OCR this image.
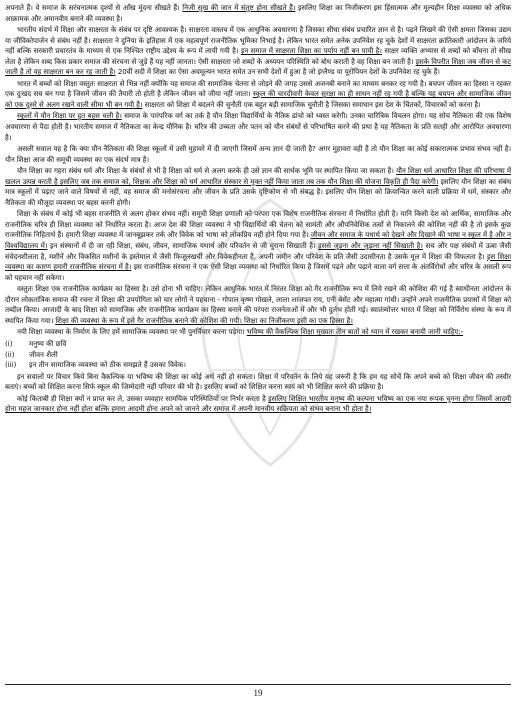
अपनाते हैं। वे समाज के सरंचनात्मक दृश्यों से आँख मूंदना सीखते हैं। निजी सुख की जान में संतुष्ट होना सीखते हैं। इसलिए शिक्षा का निजीकरण इस हिंसात्मक और मूल्यहीन शिक्षा व्यवस्था को अधिक आक्रामक और अमानवीय बनाने की व्यवस्था है।

भारतीय संदर्भ में शिक्षा और साक्षरता के संबंध पर दृष्टि आवश्यक है। साक्षरता वास्तव में एक आधुनिक अवधारणा है जिसका सीधा संबंध प्रचारित ज्ञान से है। पढ़ने लिखने की ऐसी क्षमता जिसका उद्यम या जीविकोपार्जन से संबंध नहीं है। साक्षरता ने दुनिया के इतिहास में एक महत्वपूर्ण राजनीतिक भूमिका निभाई है। लेकिन भारत समेत अनेक उपनिवेश रह चुके देशों में साक्षरता क्रांतिकारी आंदोलन के जरिये नहीं बल्कि सरकारी प्रचारतंत्र के माध्यम से एक निश्चित राष्ट्रीय उद्देश्य के रूप में लायी गयी है। इन समाज में साक्षरता शिक्षा का पर्याय नहीं बन पायी है। साक्षर व्यक्ति अभ्यास से शब्दों को बाँधना तो सीख लेता है लेकिन शब्द किस प्रकार समाज की संरचना से जुड़े हैं यह नहीं जानता। ऐसी साक्षरता जो शब्दों के अध्ययन परिस्थिति को बोध कराती है वह शिक्षा बन जाती है। इसके विपरीत शिक्षा जब जीवन से कट जाती है तो वह साक्षरता बन कर रह जाती है। 20वीं सदी में शिक्षा का ऐसा अवमूल्यन भारत समेत उन सभी देशों में हुआ है जो इंग्लैण्ड या यूरोपियन देशों के उपनिवेश रह चुके हैं।

भारत में बच्चों को शिक्षा वस्तुतः साक्षरता से भिन्न नहीं क्योंकि यह समाज की सामाजिक चेतना से जोड़ने की जगह उससे अजनबी बनाने का माध्यम बनकर रह गयी है। बचपन जीवन का हिस्सा न रहकर एक दुःखद सच बन गया है जिसमें जीवन की तैयारी तो होती है लेकिन जीवन को जीया नहीं जाता। स्कूल की चारदीवारी केवल सुरक्षा का ही साधन नहीं रह गयी है बल्कि यह बचपन और सामाजिक जीवन को एक दूसरे से अलग रखने वाली सीमा भी बन गयी है। साक्षरता को शिक्षा में बदलने की चुनौती एक बहुत बड़ी सामाजिक चुनौती है जिसका समाधान इस देश के चिंतकों, विचारकों को करना है।

स्कूलों में यौन शिक्षा पर हुत बहस चली है। समाज के पारंपरिक वर्ग का तर्क है यौन शिक्षा विद्यार्थियों के नैतिक ढांचो को ध्वस्त करेगी। उनका चारित्रिक विचलन होगा। यह सोच नैतिकता की एक विशेष अवधारणा से पैदा होती है। भारतीय समाज में नैतिकता का केन्द्र यौनिक है। चरित्र की उच्चता और पतन को यौन संबंधों से परिभाषित करने की प्रथा है यह नैतिकता के प्रति सतही और आरोपित अवधारणा है।

असली सवाल यह है कि क्या यौन नैतिकता की शिक्षा स्कूलों में उसी मुहावरे में दी जाएगी जिसमें अन्य ज्ञान दी जाती है? अगर मुहावरा वही है तो यौन शिक्षा का कोई सकारात्मक प्रभाव संभव नहीं है। यौन शिक्षा आज की समूची व्यवस्था का एक संदर्भ मात्र है।

यौन शिक्षा का गहरा संबंध धर्म और शिक्षा के संबंधों से भी है शिक्षा को धर्म से अलग करके ही उसे ज्ञान की सार्थक भूमि पर स्थापित किया जा सकता है। यौन शिक्षा धर्म आधारित शिक्षा की परिभाषा में खलल उत्पन्न करती है इसलिए जब तक समाज को, शिक्षक और शिक्षा को धर्म आधारित संस्कार से मुक्त नहीं किया जाता तब तक यौन शिक्षा की योजना विकृति ही पैदा करेगी। इसलिए यौन शिक्षा का संबंध मात्र स्कूलों में पढ़ाए जाने वाले विषयों से नहीं, वह समाज की मनोसंरचना और जीवन के प्रति उसके दृष्टिकोण से भी संबद्ध है। इसलिए यौन शिक्षा को क्रियान्वित करने वाली प्रक्रिया में धर्म, संस्कार और नैतिकता की मौजूदा व्यवस्था पर बहस करनी होगी।

शिक्षा के संबंध में कोई भी बहस राजनीति से अलग होकर संभव नहीं। समूची शिक्षा प्रणाली को परंपरा एक विशेष राजनीतिक संरचना में निर्धारित होती है। यानि किसी देश को आर्थिक, सामाजिक और राजनीतिक चरित्र ही शिक्षा व्यवस्था को निर्धारित करता है। आज देश की शिक्षा व्यवस्था ने भी विद्यार्थियों की चेतना को सामंती और औपनिवेशिक तत्वों से निकालने की कोशिश नहीं की है तो इसके कुछ राजनीतिक निहितार्थ हैं। हमारी शिक्षा व्यवस्था में जानबूझकर तर्क और विवेक को भाषा को लोकप्रिय नहीं होने दिया गया है। जीवन और समाज के यथार्थ को देखने और दिखाने की भाषा न स्कूल में है और न विश्वविद्यालय में। इन संस्थानों में दी जा रही शिक्षा, संबंध, जीवन, सामाजिक यथार्थ और परिवर्तन से जी चुराना सिखाती है। इससे जुड़ना और जुड़ाना नहीं सिखाती है। सच और पक्ष संबंधों में ऊबा जैसी संवेदनशीलता है, मशीनें और विकसित मशीनों के इस्तेमाल में जैसी फिजूलखर्ची और विवेकहीनता है, अपनी जमीन और परिवेश के प्रति जैसी उदासीनता है उसके मूल में शिक्षा की विफलता है। इस शिक्षा व्यवस्था का कारण हमारी राजनीतिक संरचना में है। इस राजनीतिक संरचना ने एक ऐसी शिक्षा व्यवस्था को निर्धारित किया है जिसमें पढ़ने और पढ़ाने वाला वर्ग सत्ता के अंतर्विरोधों और चरित्र के असली रूप को पहचान नहीं सकेगा।

वस्तुतः शिक्षा एक राजनीतिक कार्यक्रम का हिस्सा है। उसे होना भी चाहिए। लेकिन आधुनिक भारत में निरंतर शिक्षा को गैर राजनीतिक रूप में लिये रखने की कोशिश की गई है स्वाधीनता आंदोलन के दौरान लोकतांत्रिक समाज की रचना में शिक्षा की उपयोगिता को चार लोगों ने पहचाना - गोपाल कृष्ण गोखले, लाला लाजपत राय, एनी बेसेंट और महात्मा गांधी। उन्होंने अपने राजनीतिक प्रयासों में शिक्षा को तब्दील किया। आजादी के बाद शिक्षा को सामाजिक और राजनीतिक कार्यक्रम का हिस्सा बनाने की परंपरा राजनेताओं में और भी दुर्लभ होती गई। स्वातंत्र्योत्तर भारत में शिक्षा को निर्विरोध संस्था के रूप में स्थापित किया गया। शिक्षा की व्यवस्था के रूप में इसे गैर राजनीतिक बनाने की कोशिश की गयी। शिक्षा का निजीकरण इसी का एक हिस्सा है।

नयी शिक्षा व्यवस्था के निर्माण के लिए हमें सामाजिक व्यवस्था पर भी पुनर्विचार करना पड़ेगा। भविष्य की वैकल्पिक शिक्षा मुख्यतः तीन बातों को ध्यान में रखकर बनायी जानी चाहिए:-

(i)	मनुष्य की छवि
(ii)	जीवन शैली
(iii)	इन तीन सामाजिक व्यवस्था को ठीक समझते हैं उसका विवेक।

इन सवालों पर विचार किये बिना वैकल्पिक या भविष्य की शिक्षा का कोई अर्थ नहीं हो सकता। शिक्षा में परिवर्तन के लिये यह जरूरी है कि हम यह सोचें कि अपने बच्चे को शिक्षा जीवन की तस्वीर बताएं। बच्चों को शिक्षित करना सिर्फ स्कूल की जिम्मेदारी नहीं परिवार की भी है। इसलिए बच्चों को शिक्षित करना स्वयं को भी शिक्षित करने की प्रक्रिया है।

कोई किताबी ही शिक्षा क्यों न प्राप्त कर ले, उसका व्यवहार सामयिक परिस्थितियों पर निर्भर करता है इसलिए शिक्षित भारतीय मनुष्य की कल्पना भविष्य का एक नया रूपक चुनना होगा जिसमें आदमी होना महज जानकार होना नहीं होता बल्कि हमारा आदमी होना अपने को जानने और समाज में अपनी मानवीय सक्रियता को संभव बनाना भी होता है।

19
